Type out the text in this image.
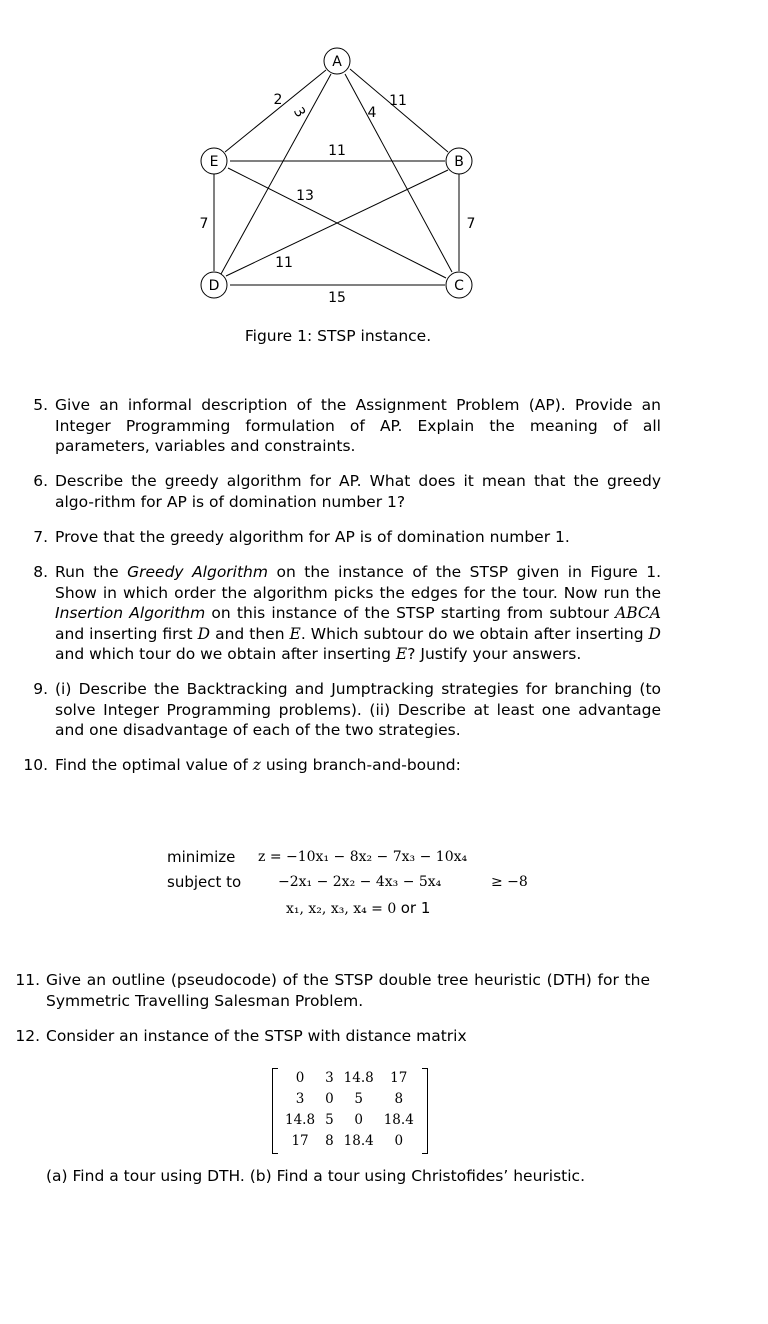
A
B
C
D
E
2
3	4
11
11
13
7	7
11
15
Figure 1: STSP instance.
5. Give an informal description of the Assignment Problem (AP). Provide an Integer Programming formulation of AP. Explain the meaning of all parameters, variables and constraints.
6. Describe the greedy algorithm for AP. What does it mean that the greedy algo-rithm for AP is of domination number 1?
7. Prove that the greedy algorithm for AP is of domination number 1.
8. Run the Greedy Algorithm on the instance of the STSP given in Figure 1. Show in which order the algorithm picks the edges for the tour. Now run the Insertion Algorithm on this instance of the STSP starting from subtour ABCA and inserting first D and then E. Which subtour do we obtain after inserting D and which tour do we obtain after inserting E? Justify your answers.
9. (i) Describe the Backtracking and Jumptracking strategies for branching (to solve Integer Programming problems). (ii) Describe at least one advantage and one disadvantage of each of the two strategies.
10. Find the optimal value of z using branch-and-bound:
minimize z = −10x₁ − 8x₂ − 7x₃ − 10x₄
subject to	−2x₁ − 2x₂ − 4x₃ − 5x₄	≥ −8
x₁, x₂, x₃, x₄ = 0 or 1
11. Give an outline (pseudocode) of the STSP double tree heuristic (DTH) for the Symmetric Travelling Salesman Problem.
12. Consider an instance of the STSP with distance matrix
0	3	14.8	17
3	0	5	8
14.8	5	0	18.4
17	8	18.4	0
(a) Find a tour using DTH. (b) Find a tour using Christofides’ heuristic.
